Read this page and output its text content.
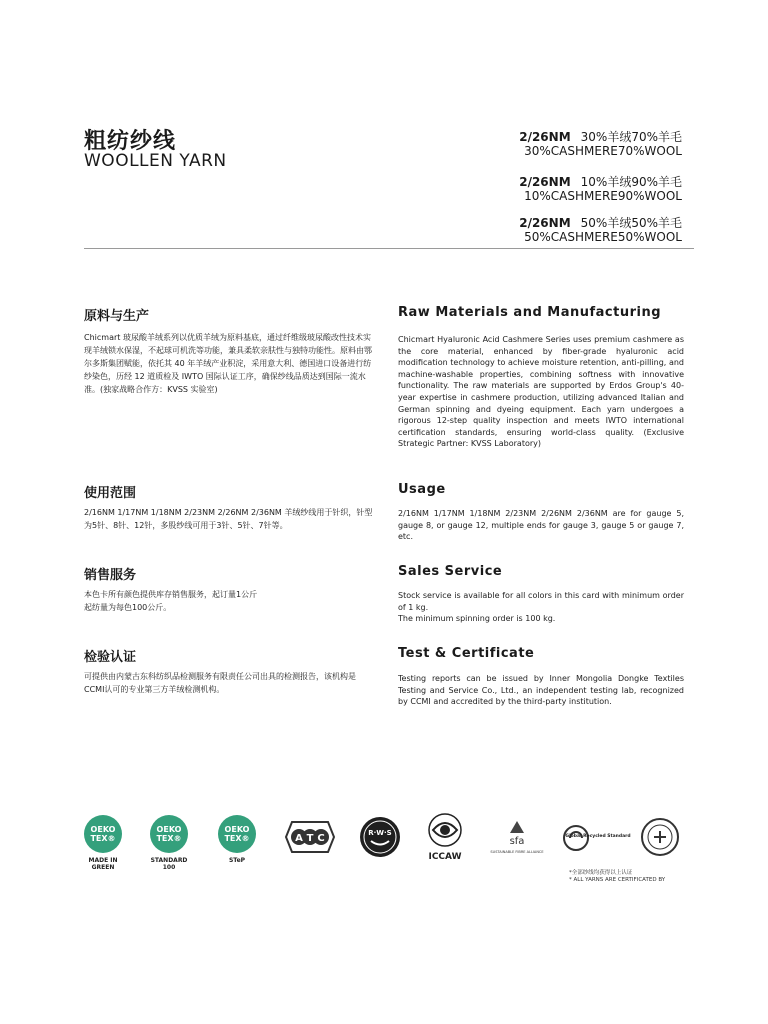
粗纺纱线
WOOLLEN YARN
2/26NM 30%羊绒70%羊毛
30%CASHMERE70%WOOL
2/26NM 10%羊绒90%羊毛
10%CASHMERE90%WOOL
2/26NM 50%羊绒50%羊毛
50%CASHMERE50%WOOL
原料与生产	Raw Materials and Manufacturing
Chicmart 玻尿酸羊绒系列以优质羊绒为原料基底，通过纤维级玻尿酸改性技术实现羊绒锁水保湿，不起球可机洗等功能，兼具柔软亲肤性与独特功能性。原料由鄂尔多斯集团赋能，依托其 40 年羊绒产业积淀，采用意大利、德国进口设备进行纺纱染色，历经 12 道质检及 IWTO 国际认证工序，确保纱线品质达到国际一流水准。(独家战略合作方：KVSS 实验室)
Chicmart Hyaluronic Acid Cashmere Series uses premium cashmere as the core material, enhanced by fiber-grade hyaluronic acid modification technology to achieve moisture retention, anti-pilling, and machine-washable properties, combining softness with innovative functionality. The raw materials are supported by Erdos Group's 40-year expertise in cashmere production, utilizing advanced Italian and German spinning and dyeing equipment. Each yarn undergoes a rigorous 12-step quality inspection and meets IWTO international certification standards, ensuring world-class quality. (Exclusive Strategic Partner: KVSS Laboratory)
使用范围	Usage
2/16NM 1/17NM 1/18NM 2/23NM 2/26NM 2/36NM 羊绒纱线用于针织，针型为5针、8针、12针，多股纱线可用于3针、5针、7针等。
2/16NM 1/17NM 1/18NM 2/23NM 2/26NM 2/36NM are for gauge 5, gauge 8, or gauge 12, multiple ends for gauge 3, gauge 5 or gauge 7, etc.
销售服务	Sales Service
本色卡所有颜色提供库存销售服务，起订量1公斤
起纺量为每色100公斤。
Stock service is available for all colors in this card with minimum order of 1 kg.
The minimum spinning order is 100 kg.
检验认证	Test & Certificate
可提供由内蒙古东科纺织品检测服务有限责任公司出具的检测报告，该机构是CCMI认可的专业第三方羊绒检测机构。
Testing reports can be issued by Inner Mongolia Dongke Textiles Testing and Service Co., Ltd., an independent testing lab, recognized by CCMI and accredited by the third-party institution.
OEKO
TEX®
MADE IN
GREEN
OEKO
TEX®
STANDARD
100
OEKO
TEX®
STeP
A T C	R·W·S
ICCAW
sfa
SUSTAINABLE FIBRE ALLIANCE
Global Recycled Standard
*全部纱线均获得以上认证
* ALL YARNS ARE CERTIFICATED BY
